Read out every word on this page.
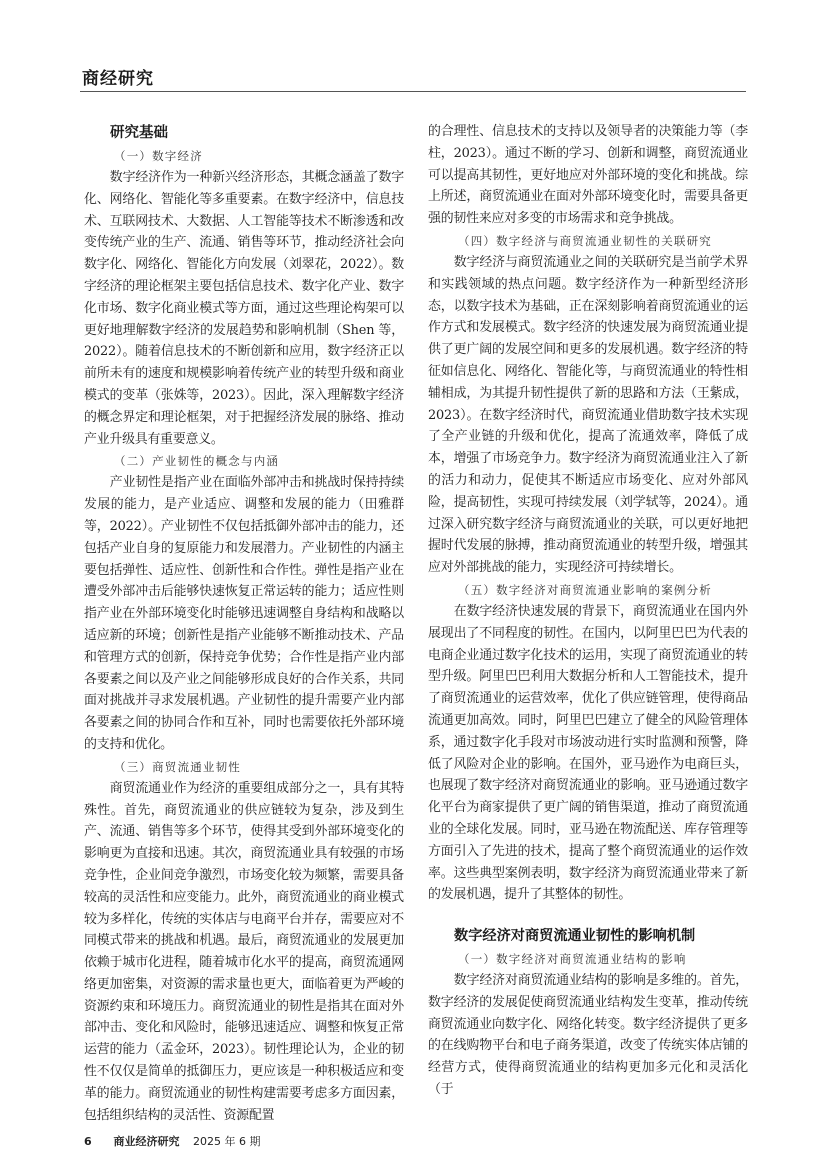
商经研究
研究基础
（一）数字经济

数字经济作为一种新兴经济形态，其概念涵盖了数字化、网络化、智能化等多重要素。在数字经济中，信息技术、互联网技术、大数据、人工智能等技术不断渗透和改变传统产业的生产、流通、销售等环节，推动经济社会向数字化、网络化、智能化方向发展（刘翠花，2022）。数字经济的理论框架主要包括信息技术、数字化产业、数字化市场、数字化商业模式等方面，通过这些理论构架可以更好地理解数字经济的发展趋势和影响机制（Shen 等，2022）。随着信息技术的不断创新和应用，数字经济正以前所未有的速度和规模影响着传统产业的转型升级和商业模式的变革（张姝等，2023）。因此，深入理解数字经济的概念界定和理论框架，对于把握经济发展的脉络、推动产业升级具有重要意义。

（二）产业韧性的概念与内涵

产业韧性是指产业在面临外部冲击和挑战时保持持续发展的能力，是产业适应、调整和发展的能力（田雅群等，2022）。产业韧性不仅包括抵御外部冲击的能力，还包括产业自身的复原能力和发展潜力。产业韧性的内涵主要包括弹性、适应性、创新性和合作性。弹性是指产业在遭受外部冲击后能够快速恢复正常运转的能力；适应性则指产业在外部环境变化时能够迅速调整自身结构和战略以适应新的环境；创新性是指产业能够不断推动技术、产品和管理方式的创新，保持竞争优势；合作性是指产业内部各要素之间以及产业之间能够形成良好的合作关系，共同面对挑战并寻求发展机遇。产业韧性的提升需要产业内部各要素之间的协同合作和互补，同时也需要依托外部环境的支持和优化。

（三）商贸流通业韧性

商贸流通业作为经济的重要组成部分之一，具有其特殊性。首先，商贸流通业的供应链较为复杂，涉及到生产、流通、销售等多个环节，使得其受到外部环境变化的影响更为直接和迅速。其次，商贸流通业具有较强的市场竞争性，企业间竞争激烈，市场变化较为频繁，需要具备较高的灵活性和应变能力。此外，商贸流通业的商业模式较为多样化，传统的实体店与电商平台并存，需要应对不同模式带来的挑战和机遇。最后，商贸流通业的发展更加依赖于城市化进程，随着城市化水平的提高，商贸流通网络更加密集，对资源的需求量也更大，面临着更为严峻的资源约束和环境压力。商贸流通业的韧性是指其在面对外部冲击、变化和风险时，能够迅速适应、调整和恢复正常运营的能力（孟金环，2023）。韧性理论认为，企业的韧性不仅仅是简单的抵御压力，更应该是一种积极适应和变革的能力。商贸流通业的韧性构建需要考虑多方面因素，包括组织结构的灵活性、资源配置

的合理性、信息技术的支持以及领导者的决策能力等（李柱，2023）。通过不断的学习、创新和调整，商贸流通业可以提高其韧性，更好地应对外部环境的变化和挑战。综上所述，商贸流通业在面对外部环境变化时，需要具备更强的韧性来应对多变的市场需求和竞争挑战。

（四）数字经济与商贸流通业韧性的关联研究

数字经济与商贸流通业之间的关联研究是当前学术界和实践领域的热点问题。数字经济作为一种新型经济形态，以数字技术为基础，正在深刻影响着商贸流通业的运作方式和发展模式。数字经济的快速发展为商贸流通业提供了更广阔的发展空间和更多的发展机遇。数字经济的特征如信息化、网络化、智能化等，与商贸流通业的特性相辅相成，为其提升韧性提供了新的思路和方法（王紫成，2023）。在数字经济时代，商贸流通业借助数字技术实现了全产业链的升级和优化，提高了流通效率，降低了成本，增强了市场竞争力。数字经济为商贸流通业注入了新的活力和动力，促使其不断适应市场变化、应对外部风险，提高韧性，实现可持续发展（刘学轼等，2024）。通过深入研究数字经济与商贸流通业的关联，可以更好地把握时代发展的脉搏，推动商贸流通业的转型升级，增强其应对外部挑战的能力，实现经济可持续增长。

（五）数字经济对商贸流通业影响的案例分析

在数字经济快速发展的背景下，商贸流通业在国内外展现出了不同程度的韧性。在国内，以阿里巴巴为代表的电商企业通过数字化技术的运用，实现了商贸流通业的转型升级。阿里巴巴利用大数据分析和人工智能技术，提升了商贸流通业的运营效率，优化了供应链管理，使得商品流通更加高效。同时，阿里巴巴建立了健全的风险管理体系，通过数字化手段对市场波动进行实时监测和预警，降低了风险对企业的影响。在国外，亚马逊作为电商巨头，也展现了数字经济对商贸流通业的影响。亚马逊通过数字化平台为商家提供了更广阔的销售渠道，推动了商贸流通业的全球化发展。同时，亚马逊在物流配送、库存管理等方面引入了先进的技术，提高了整个商贸流通业的运作效率。这些典型案例表明，数字经济为商贸流通业带来了新的发展机遇，提升了其整体的韧性。

数字经济对商贸流通业韧性的影响机制
（一）数字经济对商贸流通业结构的影响

数字经济对商贸流通业结构的影响是多维的。首先，数字经济的发展促使商贸流通业结构发生变革，推动传统商贸流通业向数字化、网络化转变。数字经济提供了更多的在线购物平台和电子商务渠道，改变了传统实体店铺的经营方式，使得商贸流通业的结构更加多元化和灵活化（于

6 商业经济研究 2025 年 6 期
